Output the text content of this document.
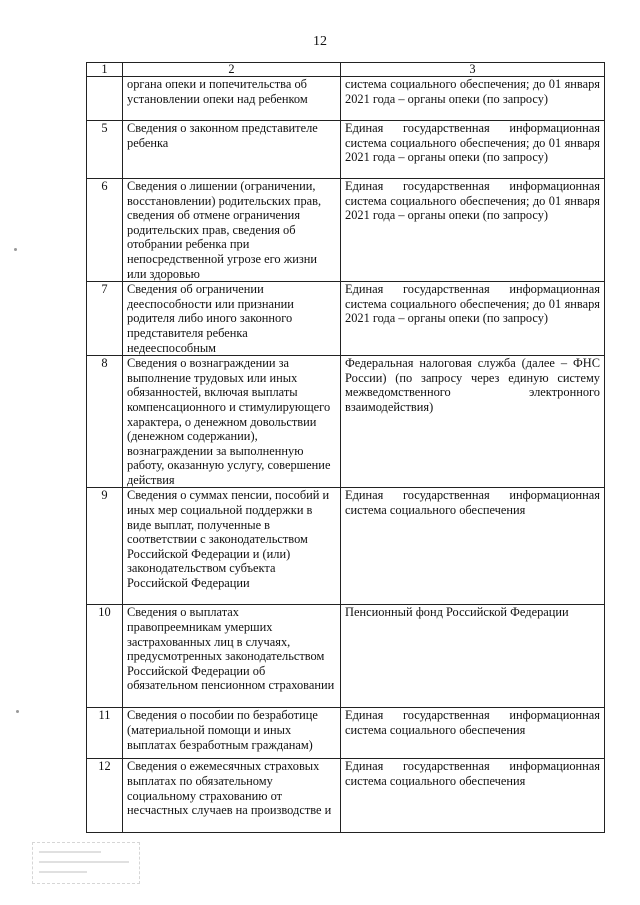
12
1	2	3
	органа опеки и попечительства об установлении опеки над ребенком	система социального обеспечения; до 01 января 2021 года – органы опеки (по запросу)
5	Сведения о законном представителе ребенка	Единая государственная информационная система социального обеспечения; до 01 января 2021 года – органы опеки (по запросу)
6	Сведения о лишении (ограничении, восстановлении) родительских прав, сведения об отмене ограничения родительских прав, сведения об отобрании ребенка при непосредственной угрозе его жизни или здоровью	Единая государственная информационная система социального обеспечения; до 01 января 2021 года – органы опеки (по запросу)
7	Сведения об ограничении дееспособности или признании родителя либо иного законного представителя ребенка недееспособным	Единая государственная информационная система социального обеспечения; до 01 января 2021 года – органы опеки (по запросу)
8	Сведения о вознаграждении за выполнение трудовых или иных обязанностей, включая выплаты компенсационного и стимулирующего характера, о денежном довольствии (денежном содержании), вознаграждении за выполненную работу, оказанную услугу, совершение действия	Федеральная налоговая служба (далее – ФНС России) (по запросу через единую систему межведомственного электронного взаимодействия)
9	Сведения о суммах пенсии, пособий и иных мер социальной поддержки в виде выплат, полученные в соответствии с законодательством Российской Федерации и (или) законодательством субъекта Российской Федерации	Единая государственная информационная система социального обеспечения
10	Сведения о выплатах правопреемникам умерших застрахованных лиц в случаях, предусмотренных законодательством Российской Федерации об обязательном пенсионном страховании	Пенсионный фонд Российской Федерации
11	Сведения о пособии по безработице (материальной помощи и иных выплатах безработным гражданам)	Единая государственная информационная система социального обеспечения
12	Сведения о ежемесячных страховых выплатах по обязательному социальному страхованию от несчастных случаев на производстве и	Единая государственная информационная система социального обеспечения
